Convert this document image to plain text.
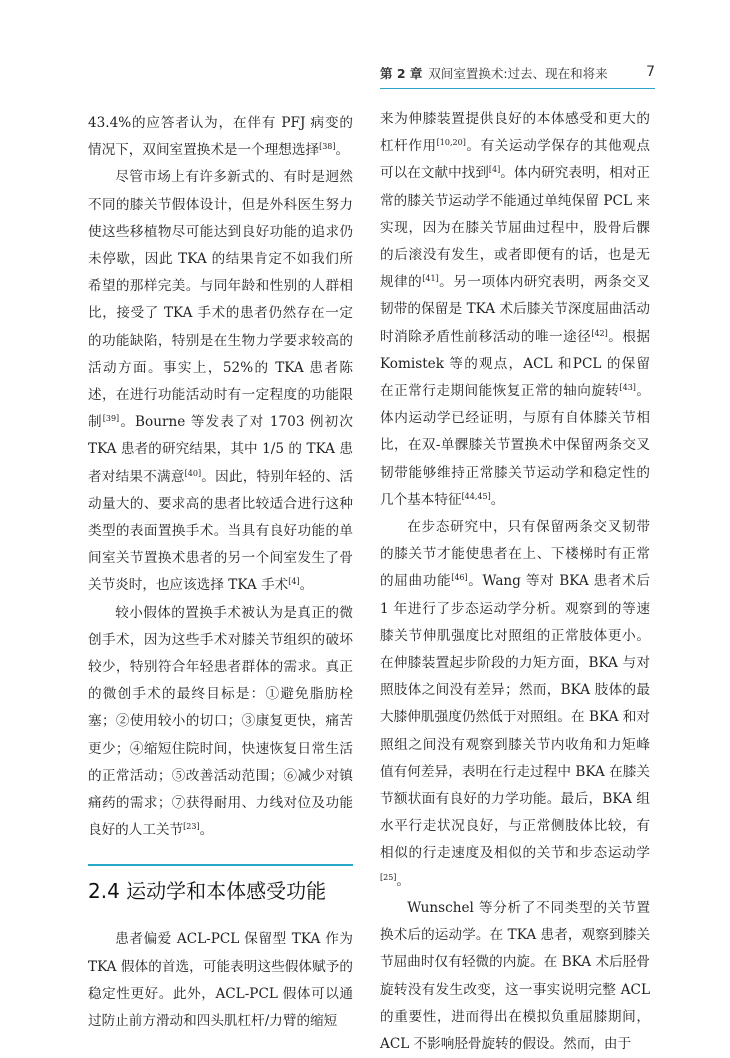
第 2 章 双间室置换术:过去、现在和将来	7

43.4%的应答者认为，在伴有 PFJ 病变的情况下，双间室置换术是一个理想选择[38]。

尽管市场上有许多新式的、有时是迥然不同的膝关节假体设计，但是外科医生努力使这些移植物尽可能达到良好功能的追求仍未停歇，因此 TKA 的结果肯定不如我们所希望的那样完美。与同年龄和性别的人群相比，接受了 TKA 手术的患者仍然存在一定的功能缺陷，特别是在生物力学要求较高的活动方面。事实上，52%的 TKA 患者陈述，在进行功能活动时有一定程度的功能限制[39]。Bourne 等发表了对 1703 例初次 TKA 患者的研究结果，其中 1/5 的 TKA 患者对结果不满意[40]。因此，特别年轻的、活动量大的、要求高的患者比较适合进行这种类型的表面置换手术。当具有良好功能的单间室关节置换术患者的另一个间室发生了骨关节炎时，也应该选择 TKA 手术[4]。

较小假体的置换手术被认为是真正的微创手术，因为这些手术对膝关节组织的破坏较少，特别符合年轻患者群体的需求。真正的微创手术的最终目标是：①避免脂肪栓塞；②使用较小的切口；③康复更快，痛苦更少；④缩短住院时间，快速恢复日常生活的正常活动；⑤改善活动范围；⑥减少对镇痛药的需求；⑦获得耐用、力线对位及功能良好的人工关节[23]。

2.4 运动学和本体感受功能

患者偏爱 ACL-PCL 保留型 TKA 作为 TKA 假体的首选，可能表明这些假体赋予的稳定性更好。此外，ACL-PCL 假体可以通过防止前方滑动和四头肌杠杆/力臂的缩短

来为伸膝装置提供良好的本体感受和更大的杠杆作用[10,20]。有关运动学保存的其他观点可以在文献中找到[4]。体内研究表明，相对正常的膝关节运动学不能通过单纯保留 PCL 来实现，因为在膝关节屈曲过程中，股骨后髁的后滚没有发生，或者即便有的话，也是无规律的[41]。另一项体内研究表明，两条交叉韧带的保留是 TKA 术后膝关节深度屈曲活动时消除矛盾性前移活动的唯一途径[42]。根据 Komistek 等的观点，ACL 和PCL 的保留在正常行走期间能恢复正常的轴向旋转[43]。体内运动学已经证明，与原有自体膝关节相比，在双-单髁膝关节置换术中保留两条交叉韧带能够维持正常膝关节运动学和稳定性的几个基本特征[44,45]。

在步态研究中，只有保留两条交叉韧带的膝关节才能使患者在上、下楼梯时有正常的屈曲功能[46]。Wang 等对 BKA 患者术后 1 年进行了步态运动学分析。观察到的等速膝关节伸肌强度比对照组的正常肢体更小。在伸膝装置起步阶段的力矩方面，BKA 与对照肢体之间没有差异；然而，BKA 肢体的最大膝伸肌强度仍然低于对照组。在 BKA 和对照组之间没有观察到膝关节内收角和力矩峰值有何差异，表明在行走过程中 BKA 在膝关节额状面有良好的力学功能。最后，BKA 组水平行走状况良好，与正常侧肢体比较，有相似的行走速度及相似的关节和步态运动学[25]。

Wunschel 等分析了不同类型的关节置换术后的运动学。在 TKA 患者，观察到膝关节屈曲时仅有轻微的内旋。在 BKA 术后胫骨旋转没有发生改变，这一事实说明完整 ACL 的重要性，进而得出在模拟负重屈膝期间，ACL 不影响胫骨旋转的假设。然而，由于
